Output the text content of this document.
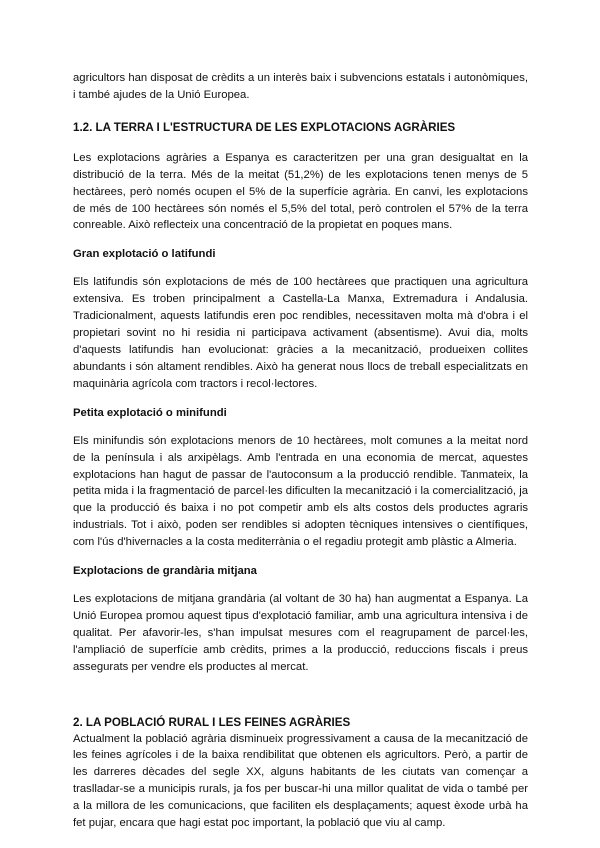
agricultors han disposat de crèdits a un interès baix i subvencions estatals i autonòmiques, i també ajudes de la Unió Europea.

1.2. LA TERRA I L'ESTRUCTURA DE LES EXPLOTACIONS AGRÀRIES

Les explotacions agràries a Espanya es caracteritzen per una gran desigualtat en la distribució de la terra. Més de la meitat (51,2%) de les explotacions tenen menys de 5 hectàrees, però només ocupen el 5% de la superfície agrària. En canvi, les explotacions de més de 100 hectàrees són només el 5,5% del total, però controlen el 57% de la terra conreable. Això reflecteix una concentració de la propietat en poques mans.

Gran explotació o latifundi

Els latifundis són explotacions de més de 100 hectàrees que practiquen una agricultura extensiva. Es troben principalment a Castella-La Manxa, Extremadura i Andalusia. Tradicionalment, aquests latifundis eren poc rendibles, necessitaven molta mà d'obra i el propietari sovint no hi residia ni participava activament (absentisme). Avui dia, molts d'aquests latifundis han evolucionat: gràcies a la mecanització, produeixen collites abundants i són altament rendibles. Això ha generat nous llocs de treball especialitzats en maquinària agrícola com tractors i recol·lectores.

Petita explotació o minifundi

Els minifundis són explotacions menors de 10 hectàrees, molt comunes a la meitat nord de la península i als arxipèlags. Amb l'entrada en una economia de mercat, aquestes explotacions han hagut de passar de l'autoconsum a la producció rendible. Tanmateix, la petita mida i la fragmentació de parcel·les dificulten la mecanització i la comercialització, ja que la producció és baixa i no pot competir amb els alts costos dels productes agraris industrials. Tot i això, poden ser rendibles si adopten tècniques intensives o científiques, com l'ús d'hivernacles a la costa mediterrània o el regadiu protegit amb plàstic a Almeria.

Explotacions de grandària mitjana

Les explotacions de mitjana grandària (al voltant de 30 ha) han augmentat a Espanya. La Unió Europea promou aquest tipus d'explotació familiar, amb una agricultura intensiva i de qualitat. Per afavorir-les, s'han impulsat mesures com el reagrupament de parcel·les, l'ampliació de superfície amb crèdits, primes a la producció, reduccions fiscals i preus assegurats per vendre els productes al mercat.

2. LA POBLACIÓ RURAL I LES FEINES AGRÀRIES

Actualment la població agrària disminueix progressivament a causa de la mecanització de les feines agrícoles i de la baixa rendibilitat que obtenen els agricultors. Però, a partir de les darreres dècades del segle XX, alguns habitants de les ciutats van començar a traslladar-se a municipis rurals, ja fos per buscar-hi una millor qualitat de vida o també per a la millora de les comunicacions, que faciliten els desplaçaments; aquest èxode urbà ha fet pujar, encara que hagi estat poc important, la població que viu al camp.
